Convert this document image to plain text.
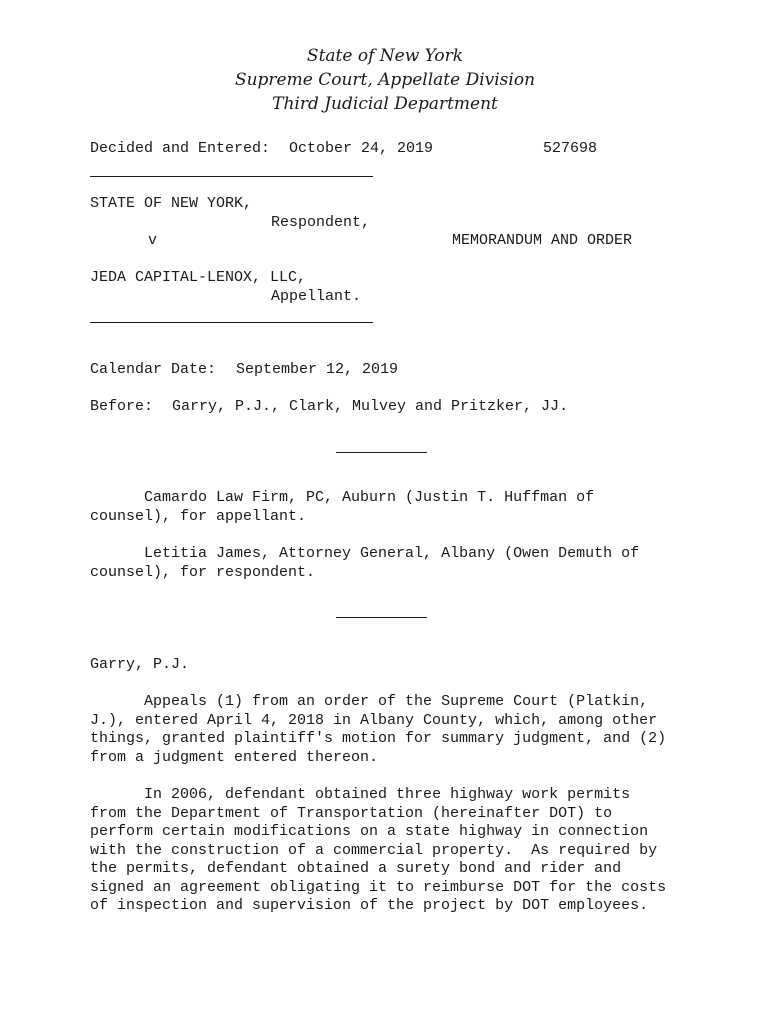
State of New York
Supreme Court, Appellate Division
Third Judicial Department
Decided and Entered: October 24, 2019	527698
STATE OF NEW YORK,
Respondent,
v	MEMORANDUM AND ORDER
JEDA CAPITAL-LENOX, LLC,
Appellant.
Calendar Date: September 12, 2019
Before: Garry, P.J., Clark, Mulvey and Pritzker, JJ.
Camardo Law Firm, PC, Auburn (Justin T. Huffman of
counsel), for appellant.
Letitia James, Attorney General, Albany (Owen Demuth of
counsel), for respondent.
Garry, P.J.
Appeals (1) from an order of the Supreme Court (Platkin,
J.), entered April 4, 2018 in Albany County, which, among other
things, granted plaintiff's motion for summary judgment, and (2)
from a judgment entered thereon.
In 2006, defendant obtained three highway work permits
from the Department of Transportation (hereinafter DOT) to
perform certain modifications on a state highway in connection
with the construction of a commercial property.  As required by
the permits, defendant obtained a surety bond and rider and
signed an agreement obligating it to reimburse DOT for the costs
of inspection and supervision of the project by DOT employees.
